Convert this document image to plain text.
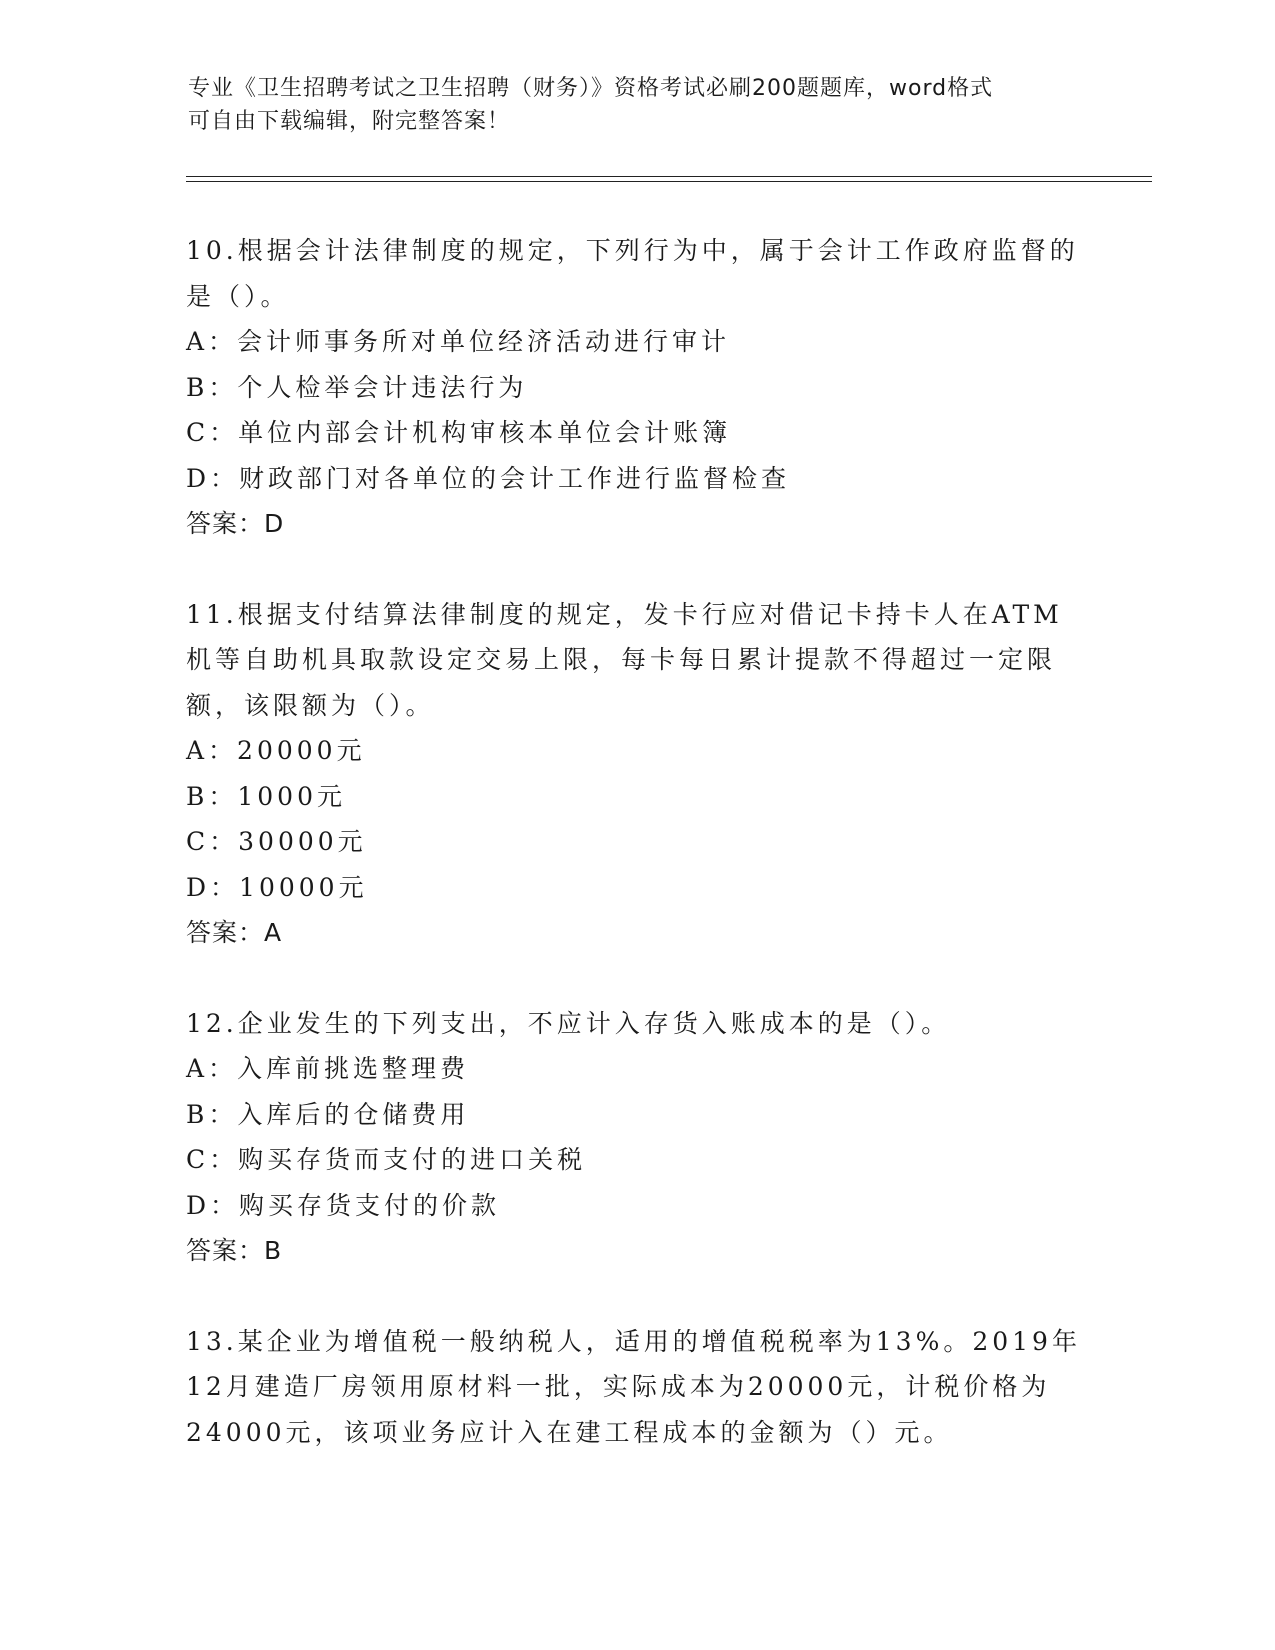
专业《卫生招聘考试之卫生招聘（财务）》资格考试必刷200题题库，word格式
可自由下载编辑，附完整答案！
10.根据会计法律制度的规定，下列行为中，属于会计工作政府监督的是（）。
A：会计师事务所对单位经济活动进行审计
B：个人检举会计违法行为
C：单位内部会计机构审核本单位会计账簿
D：财政部门对各单位的会计工作进行监督检查
答案：D
11.根据支付结算法律制度的规定，发卡行应对借记卡持卡人在ATM机等自助机具取款设定交易上限，每卡每日累计提款不得超过一定限额，该限额为（）。
A：20000元
B：1000元
C：30000元
D：10000元
答案：A
12.企业发生的下列支出，不应计入存货入账成本的是（）。
A：入库前挑选整理费
B：入库后的仓储费用
C：购买存货而支付的进口关税
D：购买存货支付的价款
答案：B
13.某企业为增值税一般纳税人，适用的增值税税率为13%。2019年12月建造厂房领用原材料一批，实际成本为20000元，计税价格为24000元，该项业务应计入在建工程成本的金额为（）元。
